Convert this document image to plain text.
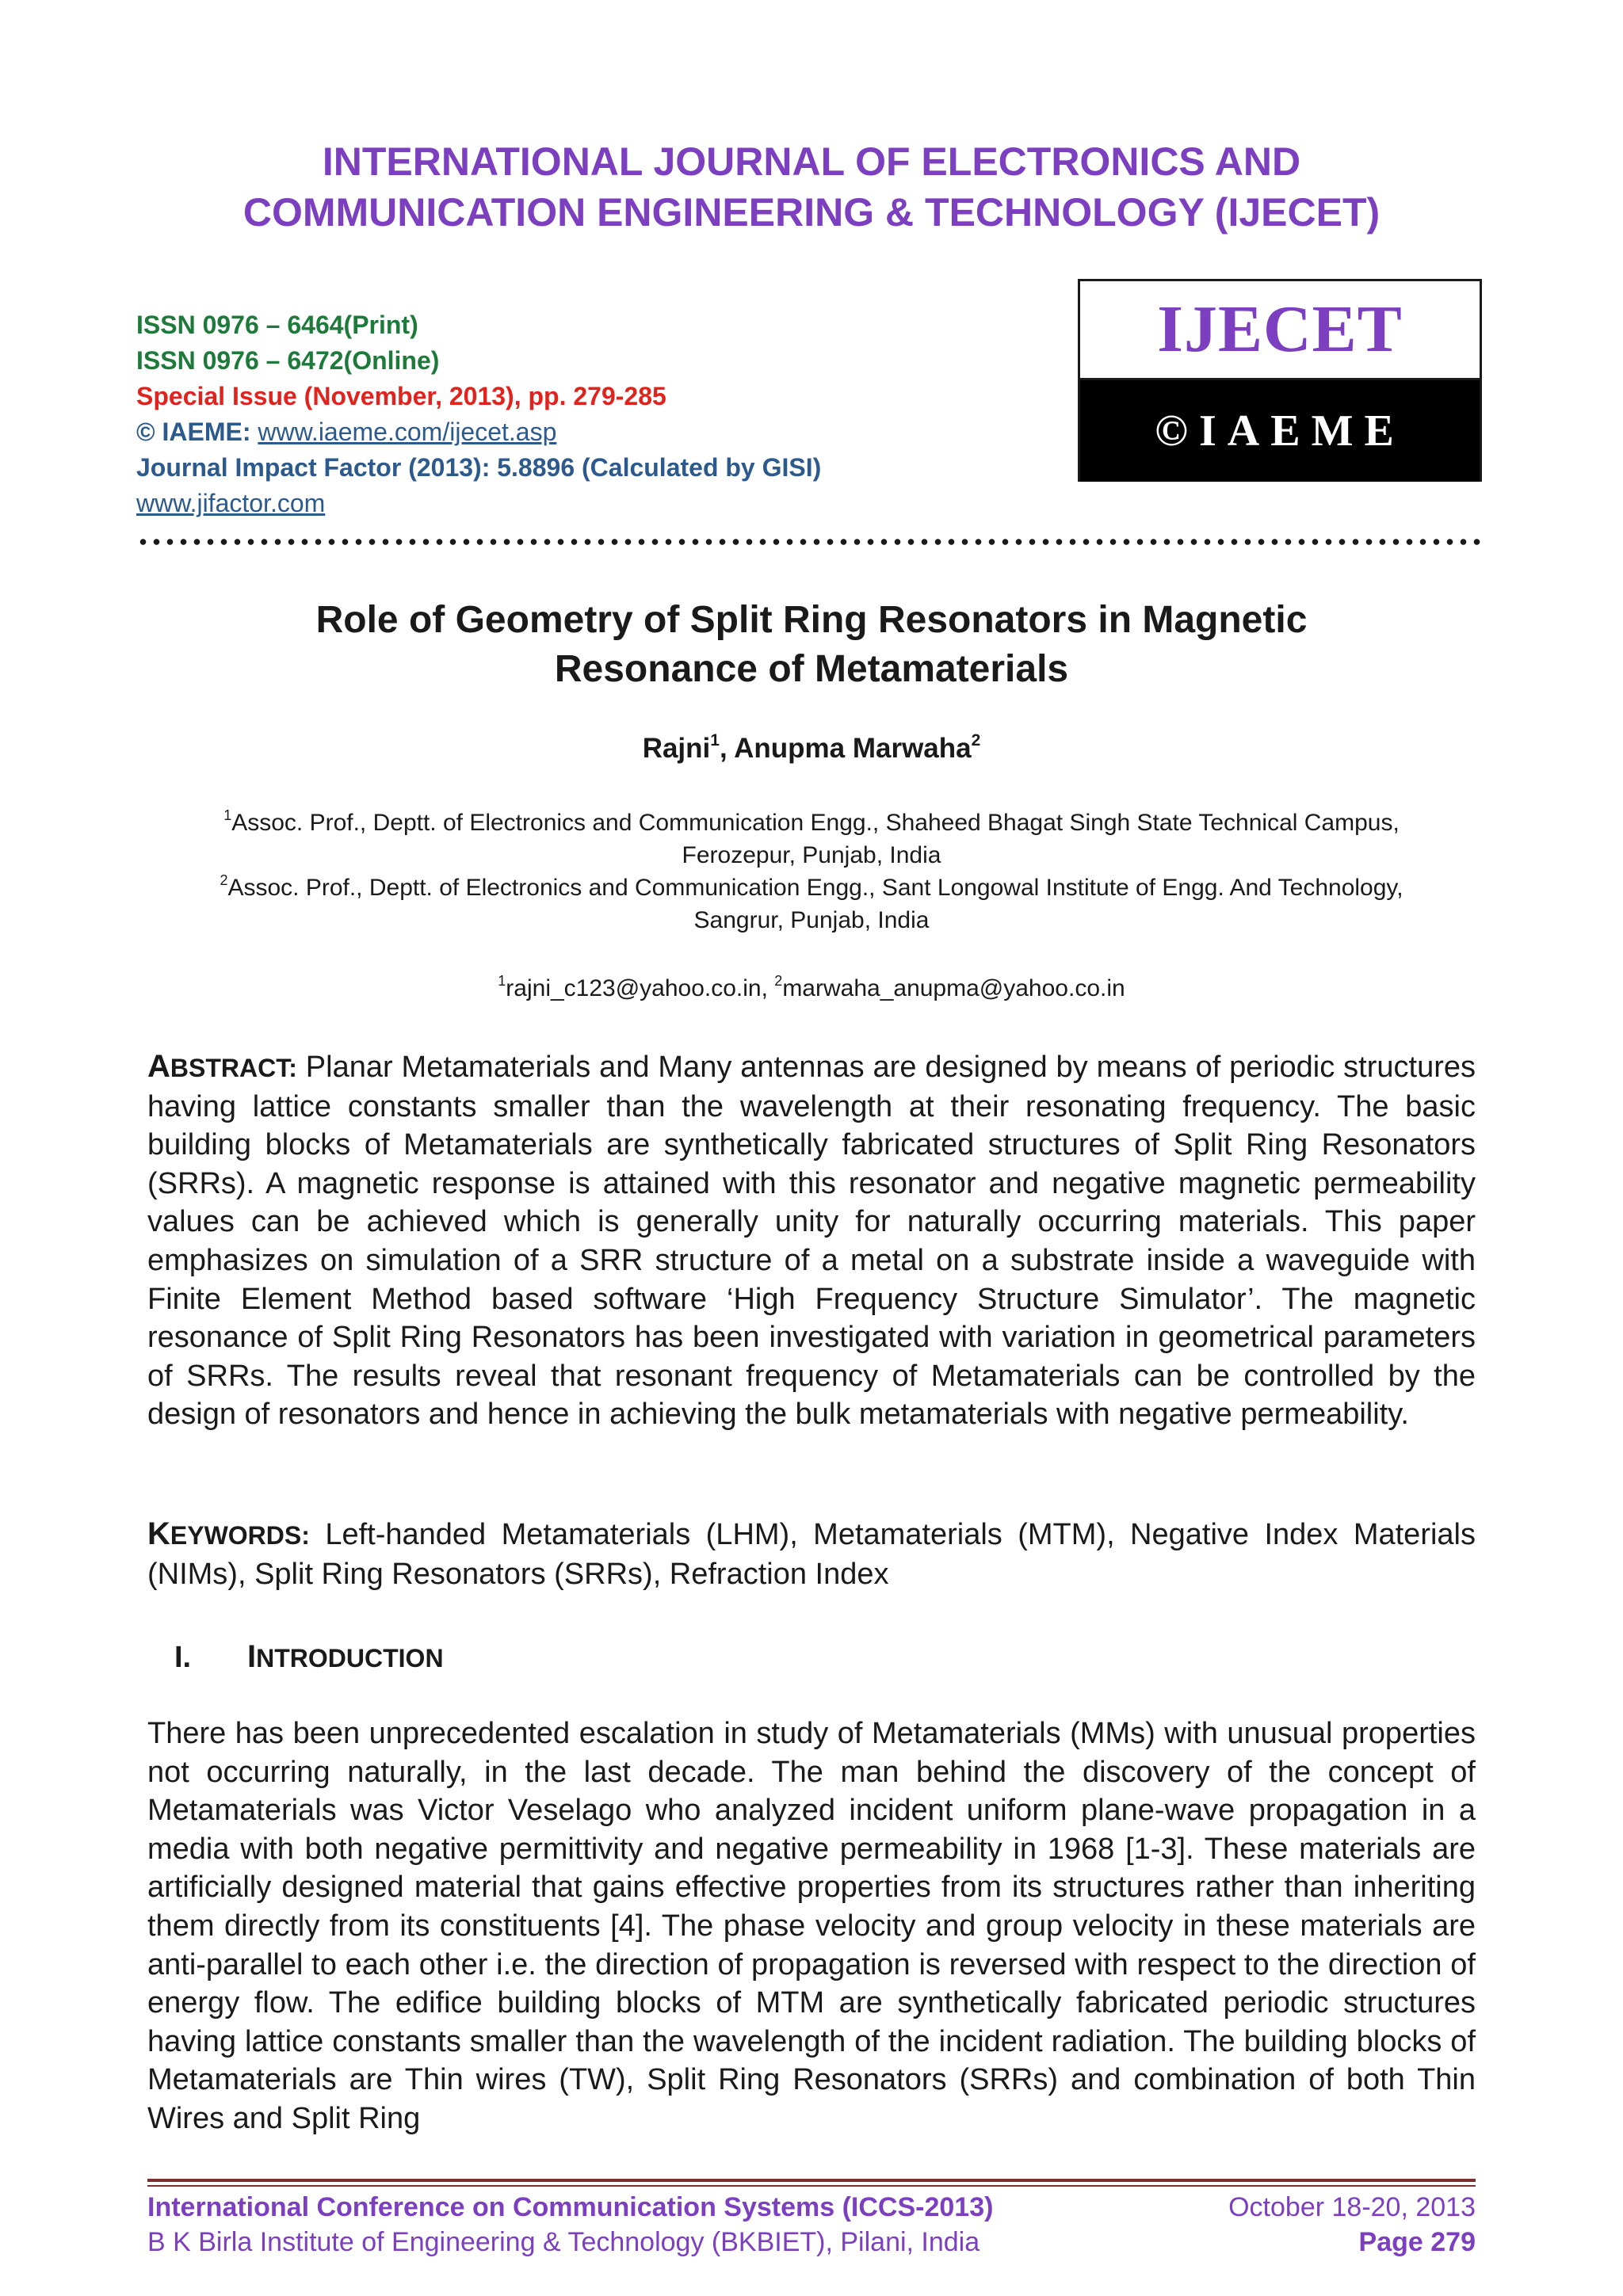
INTERNATIONAL JOURNAL OF ELECTRONICS AND
COMMUNICATION ENGINEERING & TECHNOLOGY (IJECET)
ISSN 0976 – 6464(Print)
ISSN 0976 – 6472(Online)
Special Issue (November, 2013), pp. 279-285
© IAEME: www.iaeme.com/ijecet.asp
Journal Impact Factor (2013): 5.8896 (Calculated by GISI)
www.jifactor.com
IJECET
©IAEME
Role of Geometry of Split Ring Resonators in Magnetic
Resonance of Metamaterials
Rajni$^1$, Anupma Marwaha$^2$
$^1$Assoc. Prof., Deptt. of Electronics and Communication Engg., Shaheed Bhagat Singh State Technical Campus,
Ferozepur, Punjab, India
$^2$Assoc. Prof., Deptt. of Electronics and Communication Engg., Sant Longowal Institute of Engg. And Technology,
Sangrur, Punjab, India
$^1$rajni_c123@yahoo.co.in, $^2$marwaha_anupma@yahoo.co.in
ABSTRACT: Planar Metamaterials and Many antennas are designed by means of periodic structures having lattice constants smaller than the wavelength at their resonating frequency. The basic building blocks of Metamaterials are synthetically fabricated structures of Split Ring Resonators (SRRs). A magnetic response is attained with this resonator and negative magnetic permeability values can be achieved which is generally unity for naturally occurring materials. This paper emphasizes on simulation of a SRR structure of a metal on a substrate inside a waveguide with Finite Element Method based software ‘High Frequency Structure Simulator’. The magnetic resonance of Split Ring Resonators has been investigated with variation in geometrical parameters of SRRs. The results reveal that resonant frequency of Metamaterials can be controlled by the design of resonators and hence in achieving the bulk metamaterials with negative permeability.
KEYWORDS: Left-handed Metamaterials (LHM), Metamaterials (MTM), Negative Index Materials (NIMs), Split Ring Resonators (SRRs), Refraction Index
I. INTRODUCTION
There has been unprecedented escalation in study of Metamaterials (MMs) with unusual properties not occurring naturally, in the last decade. The man behind the discovery of the concept of Metamaterials was Victor Veselago who analyzed incident uniform plane-wave propagation in a media with both negative permittivity and negative permeability in 1968 [1-3]. These materials are artificially designed material that gains effective properties from its structures rather than inheriting them directly from its constituents [4]. The phase velocity and group velocity in these materials are anti-parallel to each other i.e. the direction of propagation is reversed with respect to the direction of energy flow. The edifice building blocks of MTM are synthetically fabricated periodic structures having lattice constants smaller than the wavelength of the incident radiation. The building blocks of Metamaterials are Thin wires (TW), Split Ring Resonators (SRRs) and combination of both Thin Wires and Split Ring
International Conference on Communication Systems (ICCS-2013)	October 18-20, 2013
B K Birla Institute of Engineering & Technology (BKBIET), Pilani, India	Page 279
